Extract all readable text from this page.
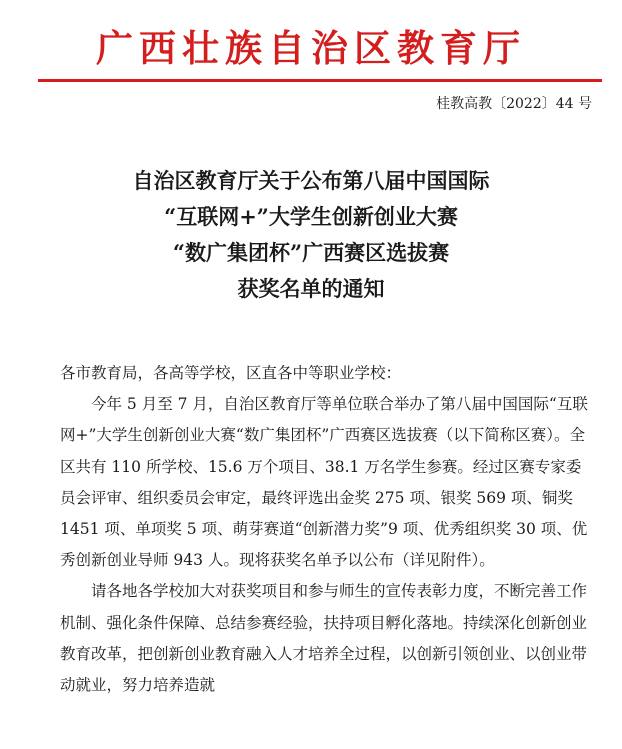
广西壮族自治区教育厅
桂教高教〔2022〕44 号
自治区教育厅关于公布第八届中国国际
“互联网+”大学生创新创业大赛
“数广集团杯”广西赛区选拔赛
获奖名单的通知

各市教育局，各高等学校，区直各中等职业学校：

今年 5 月至 7 月，自治区教育厅等单位联合举办了第八届中国国际“互联网+”大学生创新创业大赛“数广集团杯”广西赛区选拔赛（以下简称区赛）。全区共有 110 所学校、15.6 万个项目、38.1 万名学生参赛。经过区赛专家委员会评审、组织委员会审定，最终评选出金奖 275 项、银奖 569 项、铜奖 1451 项、单项奖 5 项、萌芽赛道“创新潜力奖”9 项、优秀组织奖 30 项、优秀创新创业导师 943 人。现将获奖名单予以公布（详见附件）。

请各地各学校加大对获奖项目和参与师生的宣传表彰力度，不断完善工作机制、强化条件保障、总结参赛经验，扶持项目孵化落地。持续深化创新创业教育改革，把创新创业教育融入人才培养全过程，以创新引领创业、以创业带动就业，努力培养造就
